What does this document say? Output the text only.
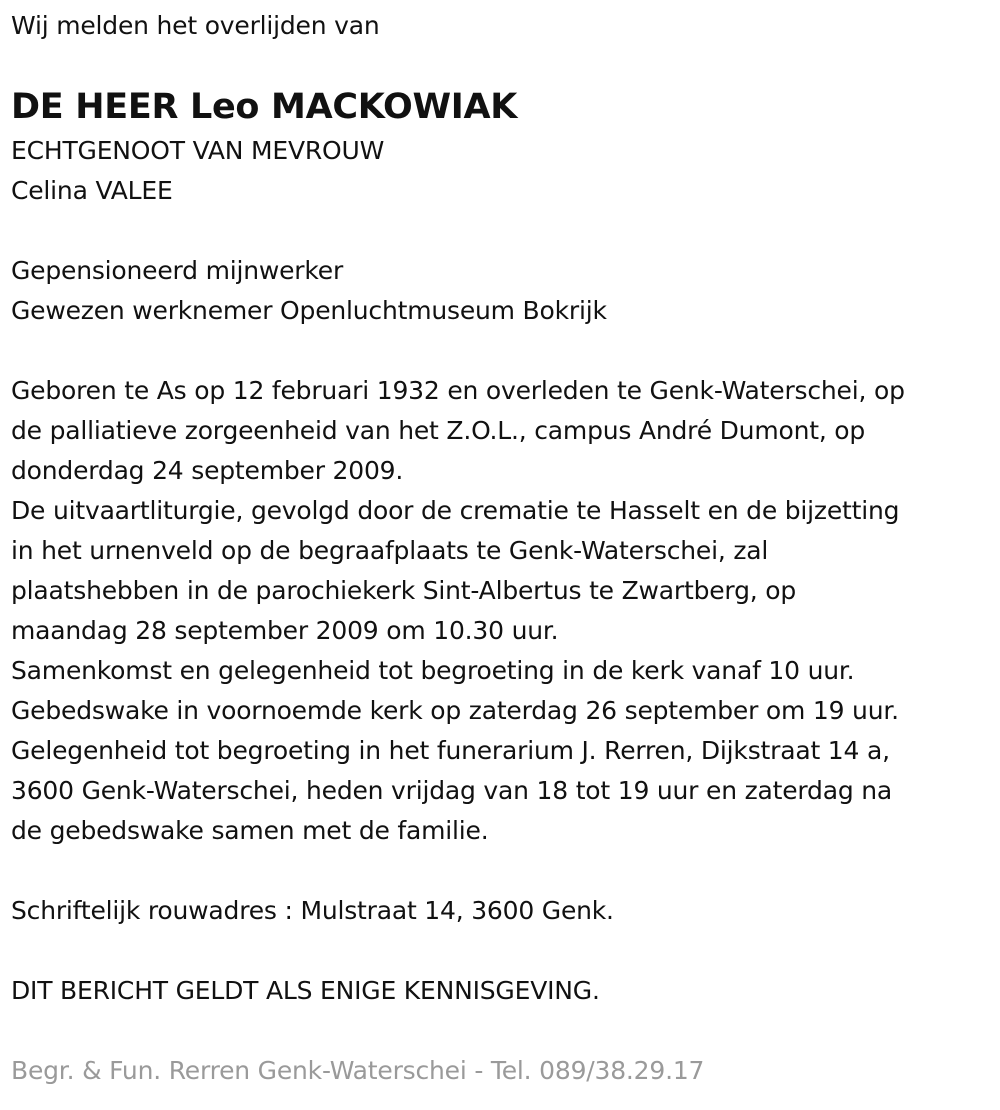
Wij melden het overlijden van
DE HEER Leo MACKOWIAK
ECHTGENOOT VAN MEVROUW
Celina VALEE
Gepensioneerd mijnwerker
Gewezen werknemer Openluchtmuseum Bokrijk
Geboren te As op 12 februari 1932 en overleden te Genk-Waterschei, op
de palliatieve zorgeenheid van het Z.O.L., campus André Dumont, op
donderdag 24 september 2009.
De uitvaartliturgie, gevolgd door de crematie te Hasselt en de bijzetting
in het urnenveld op de begraafplaats te Genk-Waterschei, zal
plaatshebben in de parochiekerk Sint-Albertus te Zwartberg, op
maandag 28 september 2009 om 10.30 uur.
Samenkomst en gelegenheid tot begroeting in de kerk vanaf 10 uur.
Gebedswake in voornoemde kerk op zaterdag 26 september om 19 uur.
Gelegenheid tot begroeting in het funerarium J. Rerren, Dijkstraat 14 a,
3600 Genk-Waterschei, heden vrijdag van 18 tot 19 uur en zaterdag na
de gebedswake samen met de familie.
Schriftelijk rouwadres : Mulstraat 14, 3600 Genk.
DIT BERICHT GELDT ALS ENIGE KENNISGEVING.
Begr. & Fun. Rerren Genk-Waterschei - Tel. 089/38.29.17
